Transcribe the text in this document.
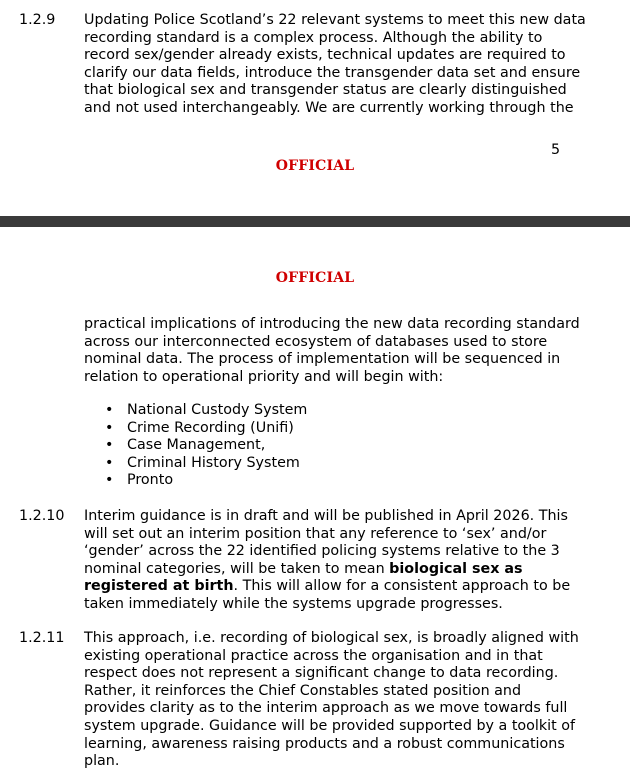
1.2.9 Updating Police Scotland’s 22 relevant systems to meet this new data

recording standard is a complex process. Although the ability to

record sex/gender already exists, technical updates are required to

clarify our data fields, introduce the transgender data set and ensure

that biological sex and transgender status are clearly distinguished

and not used interchangeably. We are currently working through the

5
OFFICIAL
OFFICIAL

practical implications of introducing the new data recording standard

across our interconnected ecosystem of databases used to store

nominal data. The process of implementation will be sequenced in

relation to operational priority and will begin with:

• National Custody System
• Crime Recording (Unifi)
• Case Management,
• Criminal History System
• Pronto
1.2.10 Interim guidance is in draft and will be published in April 2026. This

will set out an interim position that any reference to ‘sex’ and/or

‘gender’ across the 22 identified policing systems relative to the 3

nominal categories, will be taken to mean biological sex as

registered at birth. This will allow for a consistent approach to be

taken immediately while the systems upgrade progresses.

1.2.11 This approach, i.e. recording of biological sex, is broadly aligned with

existing operational practice across the organisation and in that

respect does not represent a significant change to data recording.

Rather, it reinforces the Chief Constables stated position and

provides clarity as to the interim approach as we move towards full

system upgrade. Guidance will be provided supported by a toolkit of

learning, awareness raising products and a robust communications

plan.
